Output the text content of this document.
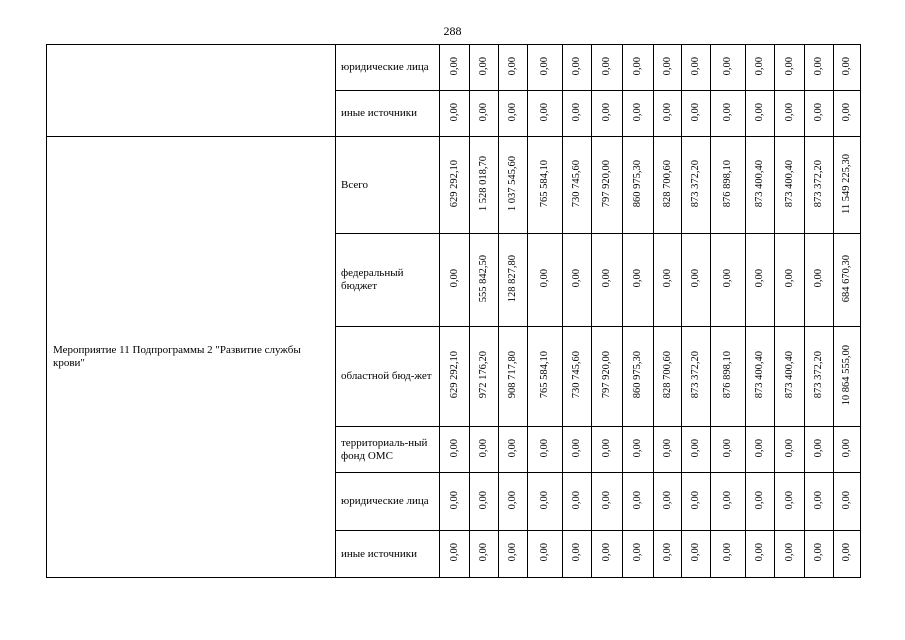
288
	юридические лица	0,00	0,00	0,00	0,00	0,00	0,00	0,00	0,00	0,00	0,00	0,00	0,00	0,00	0,00
	иные источники	0,00	0,00	0,00	0,00	0,00	0,00	0,00	0,00	0,00	0,00	0,00	0,00	0,00	0,00
Мероприятие 11 Подпрограммы 2 "Развитие службы крови"	Всего	629 292,10	1 528 018,70	1 037 545,60	765 584,10	730 745,60	797 920,00	860 975,30	828 700,60	873 372,20	876 898,10	873 400,40	873 400,40	873 372,20	11 549 225,30
	федеральный бюджет	0,00	555 842,50	128 827,80	0,00	0,00	0,00	0,00	0,00	0,00	0,00	0,00	0,00	0,00	684 670,30
	областной бюд-жет	629 292,10	972 176,20	908 717,80	765 584,10	730 745,60	797 920,00	860 975,30	828 700,60	873 372,20	876 898,10	873 400,40	873 400,40	873 372,20	10 864 555,00
	территориаль-ный фонд ОМС	0,00	0,00	0,00	0,00	0,00	0,00	0,00	0,00	0,00	0,00	0,00	0,00	0,00	0,00
	юридические лица	0,00	0,00	0,00	0,00	0,00	0,00	0,00	0,00	0,00	0,00	0,00	0,00	0,00	0,00
	иные источники	0,00	0,00	0,00	0,00	0,00	0,00	0,00	0,00	0,00	0,00	0,00	0,00	0,00	0,00
